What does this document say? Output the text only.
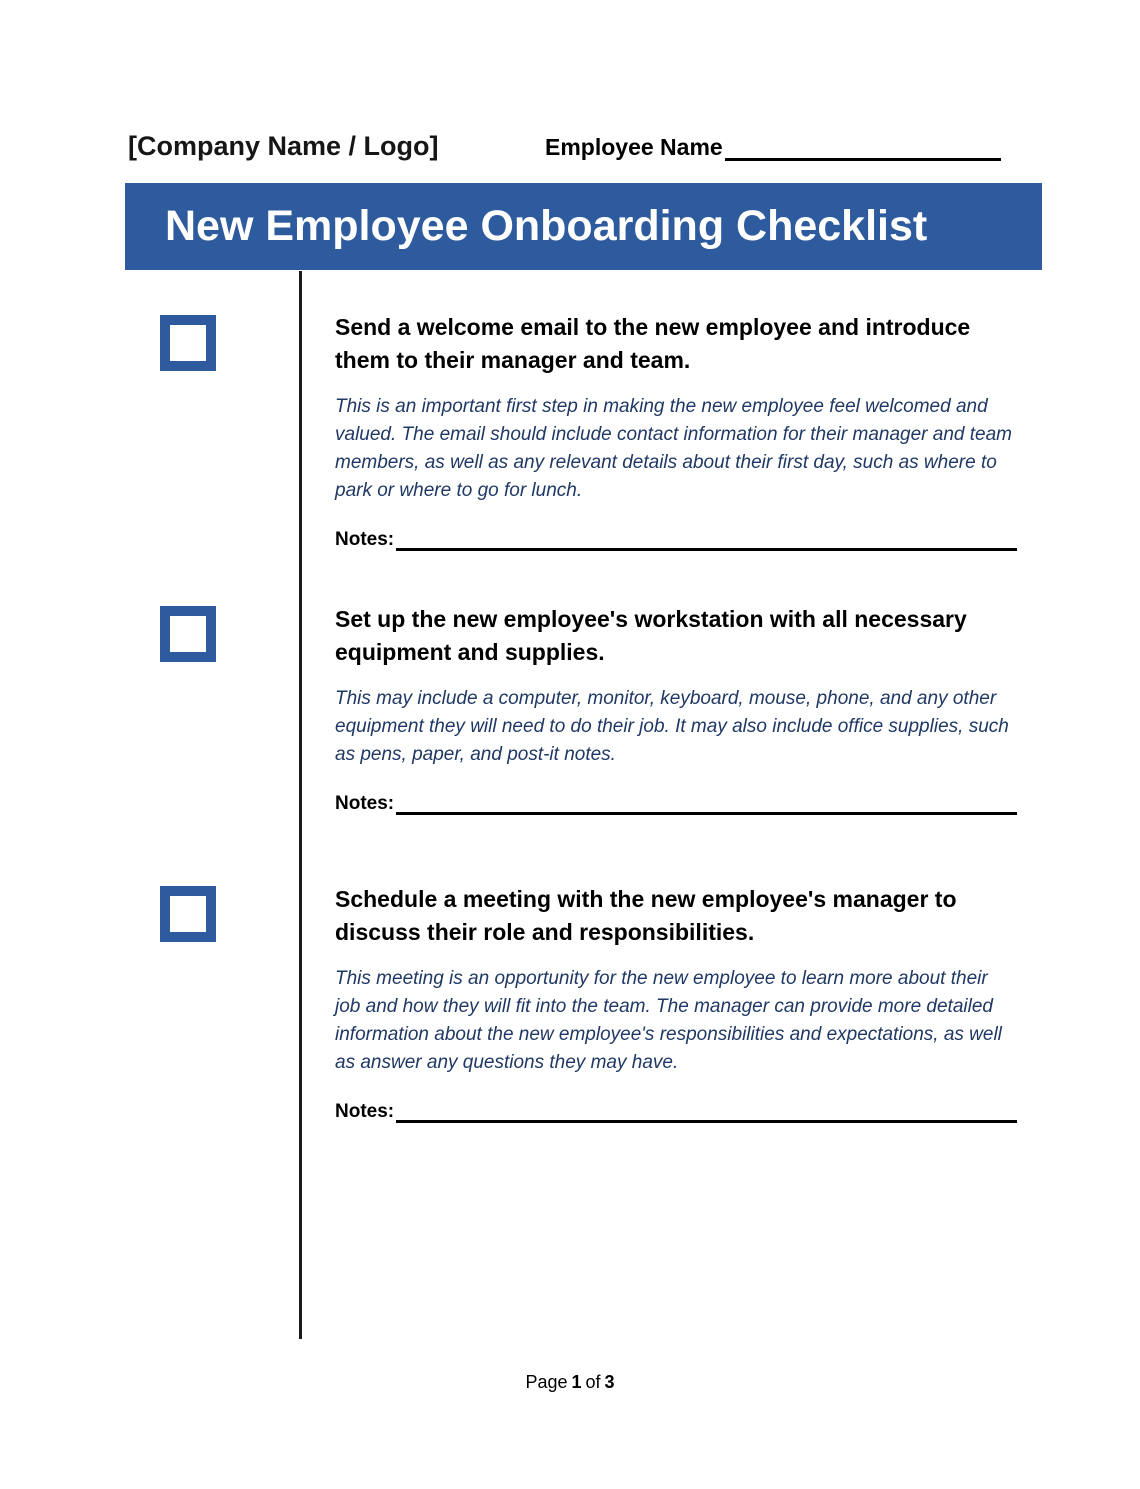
[Company Name / Logo]	Employee Name
New Employee Onboarding Checklist
Send a welcome email to the new employee and introduce them to their manager and team.
This is an important first step in making the new employee feel welcomed and valued. The email should include contact information for their manager and team members, as well as any relevant details about their first day, such as where to park or where to go for lunch.
Notes:
Set up the new employee's workstation with all necessary equipment and supplies.
This may include a computer, monitor, keyboard, mouse, phone, and any other equipment they will need to do their job. It may also include office supplies, such as pens, paper, and post-it notes.
Notes:
Schedule a meeting with the new employee's manager to discuss their role and responsibilities.
This meeting is an opportunity for the new employee to learn more about their job and how they will fit into the team. The manager can provide more detailed information about the new employee's responsibilities and expectations, as well as answer any questions they may have.
Notes:
Page 1 of 3
